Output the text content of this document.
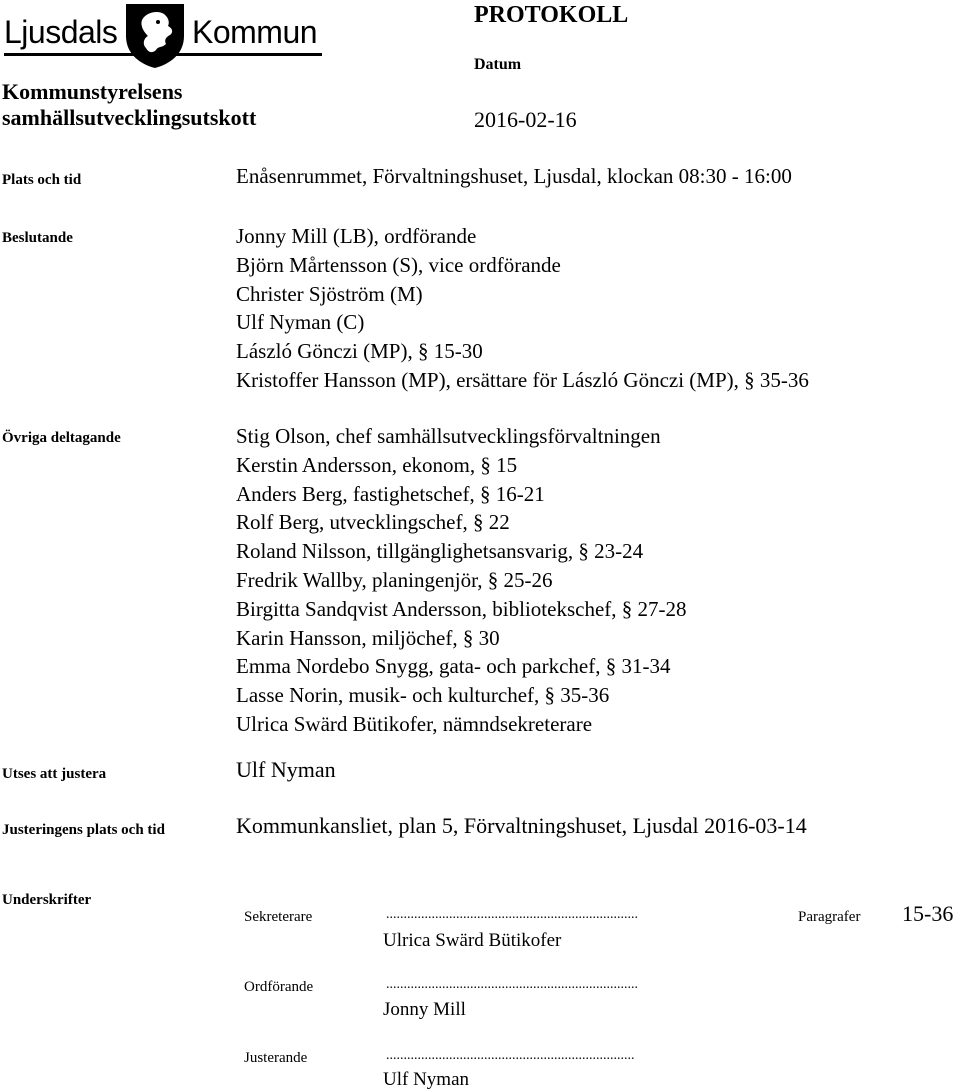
Ljusdals Kommun	PROTOKOLL
Datum
2016-02-16
Kommunstyrelsens
samhällsutvecklingsutskott
Plats och tid	Enåsenrummet, Förvaltningshuset, Ljusdal, klockan 08:30 - 16:00
Beslutande	Jonny Mill (LB), ordförande
Björn Mårtensson (S), vice ordförande
Christer Sjöström (M)
Ulf Nyman (C)
László Gönczi (MP), § 15-30
Kristoffer Hansson (MP), ersättare för László Gönczi (MP), § 35-36
Övriga deltagande	Stig Olson, chef samhällsutvecklingsförvaltningen
Kerstin Andersson, ekonom, § 15
Anders Berg, fastighetschef, § 16-21
Rolf Berg, utvecklingschef, § 22
Roland Nilsson, tillgänglighetsansvarig, § 23-24
Fredrik Wallby, planingenjör, § 25-26
Birgitta Sandqvist Andersson, bibliotekschef, § 27-28
Karin Hansson, miljöchef, § 30
Emma Nordebo Snygg, gata- och parkchef, § 31-34
Lasse Norin, musik- och kulturchef, § 35-36
Ulrica Swärd Bütikofer, nämndsekreterare
Utses att justera	Ulf Nyman
Justeringens plats och tid	Kommunkansliet, plan 5, Förvaltningshuset, Ljusdal 2016-03-14
Underskrifter
Sekreterare	........................................................................
Ulrica Swärd Bütikofer
Paragrafer 15-36
Ordförande	........................................................................
Jonny Mill
Justerande	.......................................................................
Ulf Nyman
